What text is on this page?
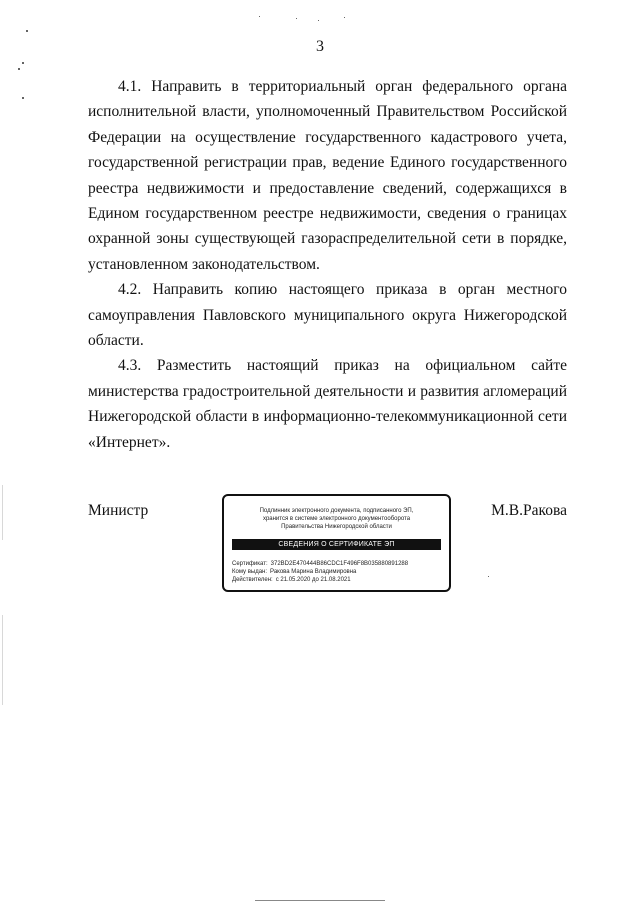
3

4.1. Направить в территориальный орган федерального органа исполнительной власти, уполномоченный Правительством Российской Федерации на осуществление государственного кадастрового учета, государственной регистрации прав, ведение Единого государственного реестра недвижимости и предоставление сведений, содержащихся в Едином государственном реестре недвижимости, сведения о границах охранной зоны существующей газораспределительной сети в порядке, установленном законодательством.

4.2. Направить копию настоящего приказа в орган местного самоуправления Павловского муниципального округа Нижегородской области.

4.3. Разместить настоящий приказ на официальном сайте министерства градостроительной деятельности и развития агломераций Нижегородской области в информационно-телекоммуникационной сети «Интернет».

Министр	М.В.Ракова
Подлинник электронного документа, подписанного ЭП,
хранится в системе электронного документооборота
Правительства Нижегородской области
СВЕДЕНИЯ О СЕРТИФИКАТЕ ЭП
Сертификат: 372BD2E470444B86CDC1F496F8B035880891288
Кому выдан: Ракова Марина Владимировна
Действителен: с 21.05.2020 до 21.08.2021
